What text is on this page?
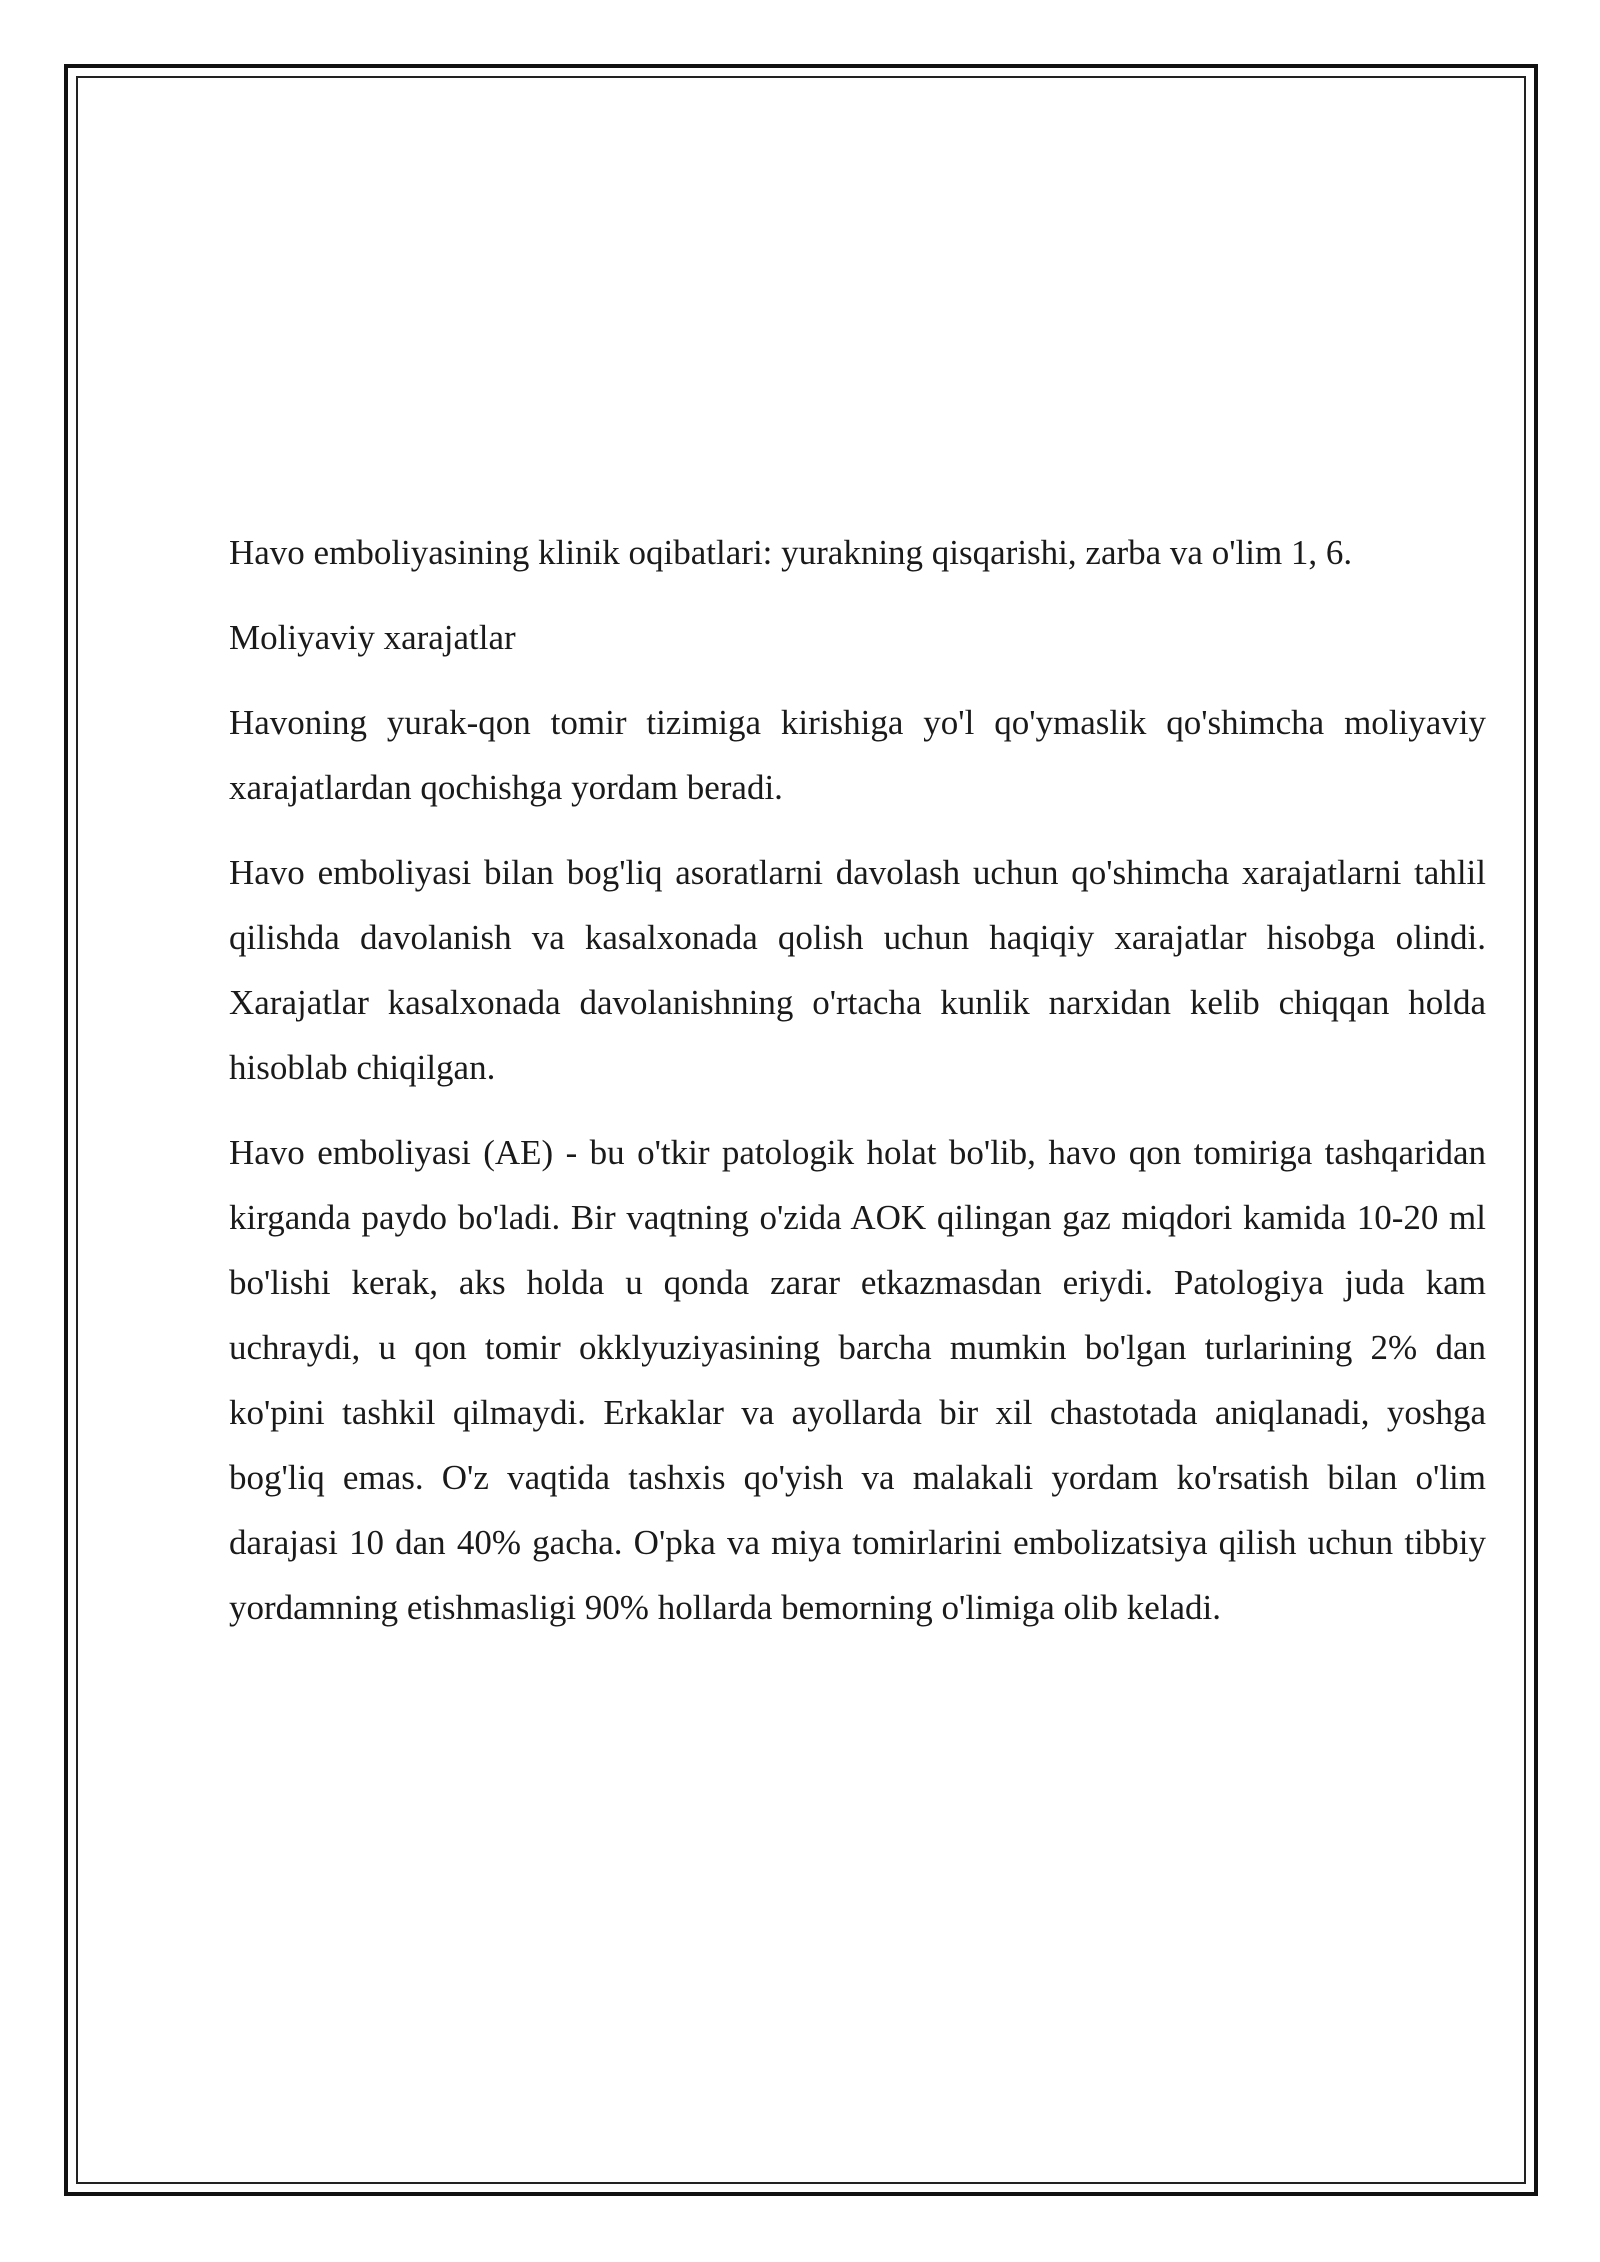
Havo emboliyasining klinik oqibatlari: yurakning qisqarishi, zarba va o'lim 1, 6.

Moliyaviy xarajatlar

Havoning yurak-qon tomir tizimiga kirishiga yo'l qo'ymaslik qo'shimcha moliyaviy xarajatlardan qochishga yordam beradi.

Havo emboliyasi bilan bog'liq asoratlarni davolash uchun qo'shimcha xarajatlarni tahlil qilishda davolanish va kasalxonada qolish uchun haqiqiy xarajatlar hisobga olindi. Xarajatlar kasalxonada davolanishning o'rtacha kunlik narxidan kelib chiqqan holda hisoblab chiqilgan.

Havo emboliyasi (AE) - bu o'tkir patologik holat bo'lib, havo qon tomiriga tashqaridan kirganda paydo bo'ladi. Bir vaqtning o'zida AOK qilingan gaz miqdori kamida 10-20 ml bo'lishi kerak, aks holda u qonda zarar etkazmasdan eriydi. Patologiya juda kam uchraydi, u qon tomir okklyuziyasining barcha mumkin bo'lgan turlarining 2% dan ko'pini tashkil qilmaydi. Erkaklar va ayollarda bir xil chastotada aniqlanadi, yoshga bog'liq emas. O'z vaqtida tashxis qo'yish va malakali yordam ko'rsatish bilan o'lim darajasi 10 dan 40% gacha. O'pka va miya tomirlarini embolizatsiya qilish uchun tibbiy yordamning etishmasligi 90% hollarda bemorning o'limiga olib keladi.
